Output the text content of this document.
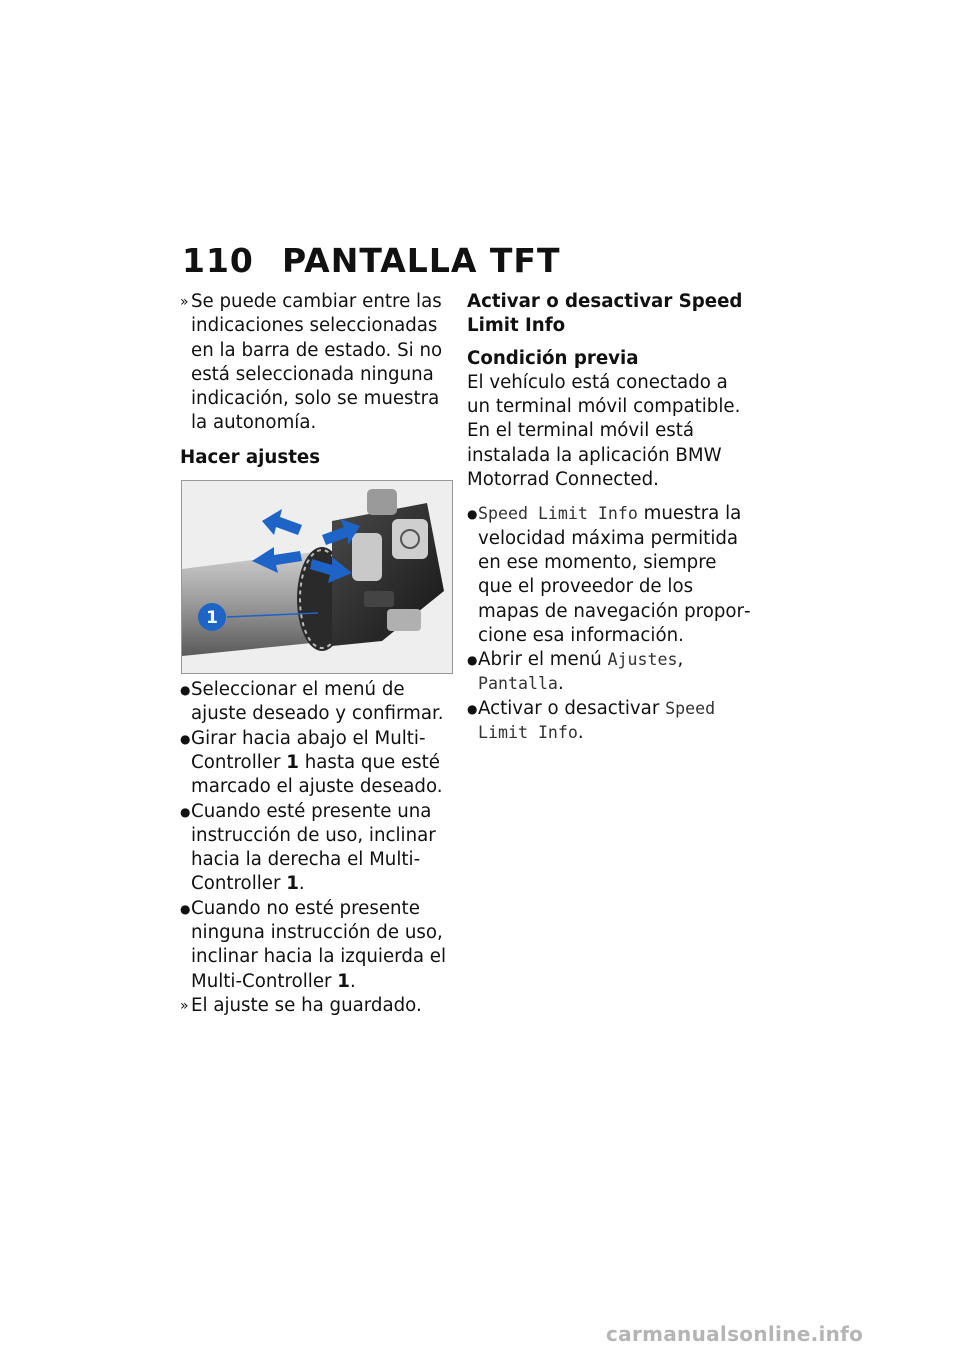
110 PANTALLA TFT
» Se puede cambiar entre las indicaciones seleccionadas en la barra de estado. Si no está seleccionada ninguna indicación, solo se muestra la autonomía.
Hacer ajustes
1
● Seleccionar el menú de ajuste deseado y confirmar.
● Girar hacia abajo el Multi-Controller 1 hasta que esté marcado el ajuste deseado.
● Cuando esté presente una instrucción de uso, inclinar hacia la derecha el Multi-Controller 1.
● Cuando no esté presente ninguna instrucción de uso, inclinar hacia la izquierda el Multi-Controller 1.
» El ajuste se ha guardado.
Activar o desactivar Speed Limit Info
Condición previa
El vehículo está conectado a un terminal móvil compatible. En el terminal móvil está instalada la aplicación BMW Motorrad Connected.
● Speed Limit Info muestra la velocidad máxima permitida en ese momento, siempre que el proveedor de los mapas de navegación proporcione esa información.
● Abrir el menú Ajustes, Pantalla.
● Activar o desactivar Speed Limit Info.
carmanualsonline.info
